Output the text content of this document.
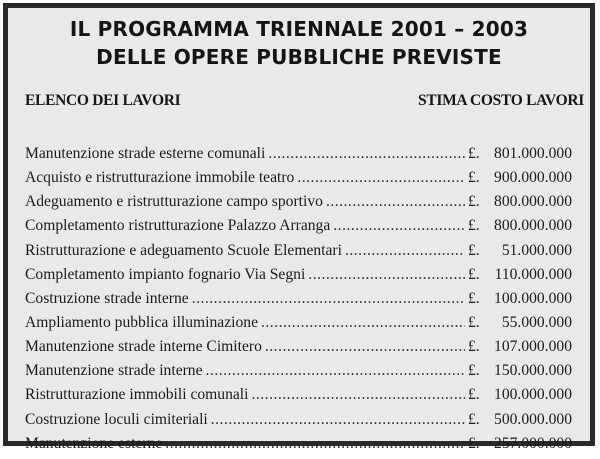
IL PROGRAMMA TRIENNALE 2001 – 2003
DELLE OPERE PUBBLICHE PREVISTE
ELENCO DEI LAVORI	STIMA COSTO LAVORI
Manutenzione strade esterne comunali .....	£. 801.000.000
Acquisto e ristrutturazione immobile teatro .....	£. 900.000.000
Adeguamento e ristrutturazione campo sportivo .....	£. 800.000.000
Completamento ristrutturazione Palazzo Arranga .....	£. 800.000.000
Ristrutturazione e adeguamento Scuole Elementari .....	£. 51.000.000
Completamento impianto fognario Via Segni .....	£. 110.000.000
Costruzione strade interne .....	£. 100.000.000
Ampliamento pubblica illuminazione .....	£. 55.000.000
Manutenzione strade interne Cimitero .....	£. 107.000.000
Manutenzione strade interne .....	£. 150.000.000
Ristrutturazione immobili comunali .....	£. 100.000.000
Costruzione loculi cimiteriali .....	£. 500.000.000
Manutenzione esterne .....	£. 257.000.000
